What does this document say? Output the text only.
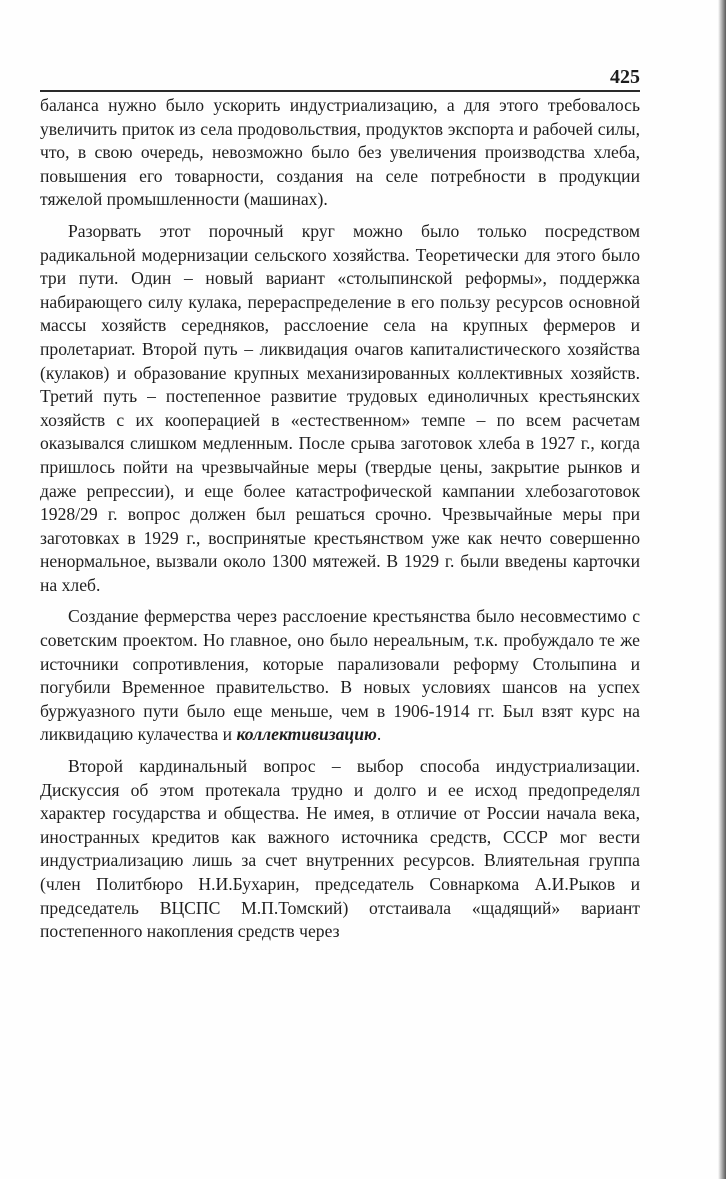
425

баланса нужно было ускорить индустриализацию, а для этого требовалось увеличить приток из села продовольствия, продуктов экспорта и рабочей силы, что, в свою очередь, невозможно было без увеличения производства хлеба, повышения его товарности, создания на селе потребности в продукции тяжелой промышленности (машинах).

Разорвать этот порочный круг можно было только посредством радикальной модернизации сельского хозяйства. Теоретически для этого было три пути. Один – новый вариант «столыпинской реформы», поддержка набирающего силу кулака, перераспределение в его пользу ресурсов основной массы хозяйств середняков, расслоение села на крупных фермеров и пролетариат. Второй путь – ликвидация очагов капиталистического хозяйства (кулаков) и образование крупных механизированных коллективных хозяйств. Третий путь – постепенное развитие трудовых единоличных крестьянских хозяйств с их кооперацией в «естественном» темпе – по всем расчетам оказывался слишком медленным. После срыва заготовок хлеба в 1927 г., когда пришлось пойти на чрезвычайные меры (твердые цены, закрытие рынков и даже репрессии), и еще более катастрофической кампании хлебозаготовок 1928/29 г. вопрос должен был решаться срочно. Чрезвычайные меры при заготовках в 1929 г., воспринятые крестьянством уже как нечто совершенно ненормальное, вызвали около 1300 мятежей. В 1929 г. были введены карточки на хлеб.

Создание фермерства через расслоение крестьянства было несовместимо с советским проектом. Но главное, оно было нереальным, т.к. пробуждало те же источники сопротивления, которые парализовали реформу Столыпина и погубили Временное правительство. В новых условиях шансов на успех буржуазного пути было еще меньше, чем в 1906-1914 гг. Был взят курс на ликвидацию кулачества и коллективизацию.

Второй кардинальный вопрос – выбор способа индустриализации. Дискуссия об этом протекала трудно и долго и ее исход предопределял характер государства и общества. Не имея, в отличие от России начала века, иностранных кредитов как важного источника средств, СССР мог вести индустриализацию лишь за счет внутренних ресурсов. Влиятельная группа (член Политбюро Н.И.Бухарин, председатель Совнаркома А.И.Рыков и председатель ВЦСПС М.П.Томский) отстаивала «щадящий» вариант постепенного накопления средств через
